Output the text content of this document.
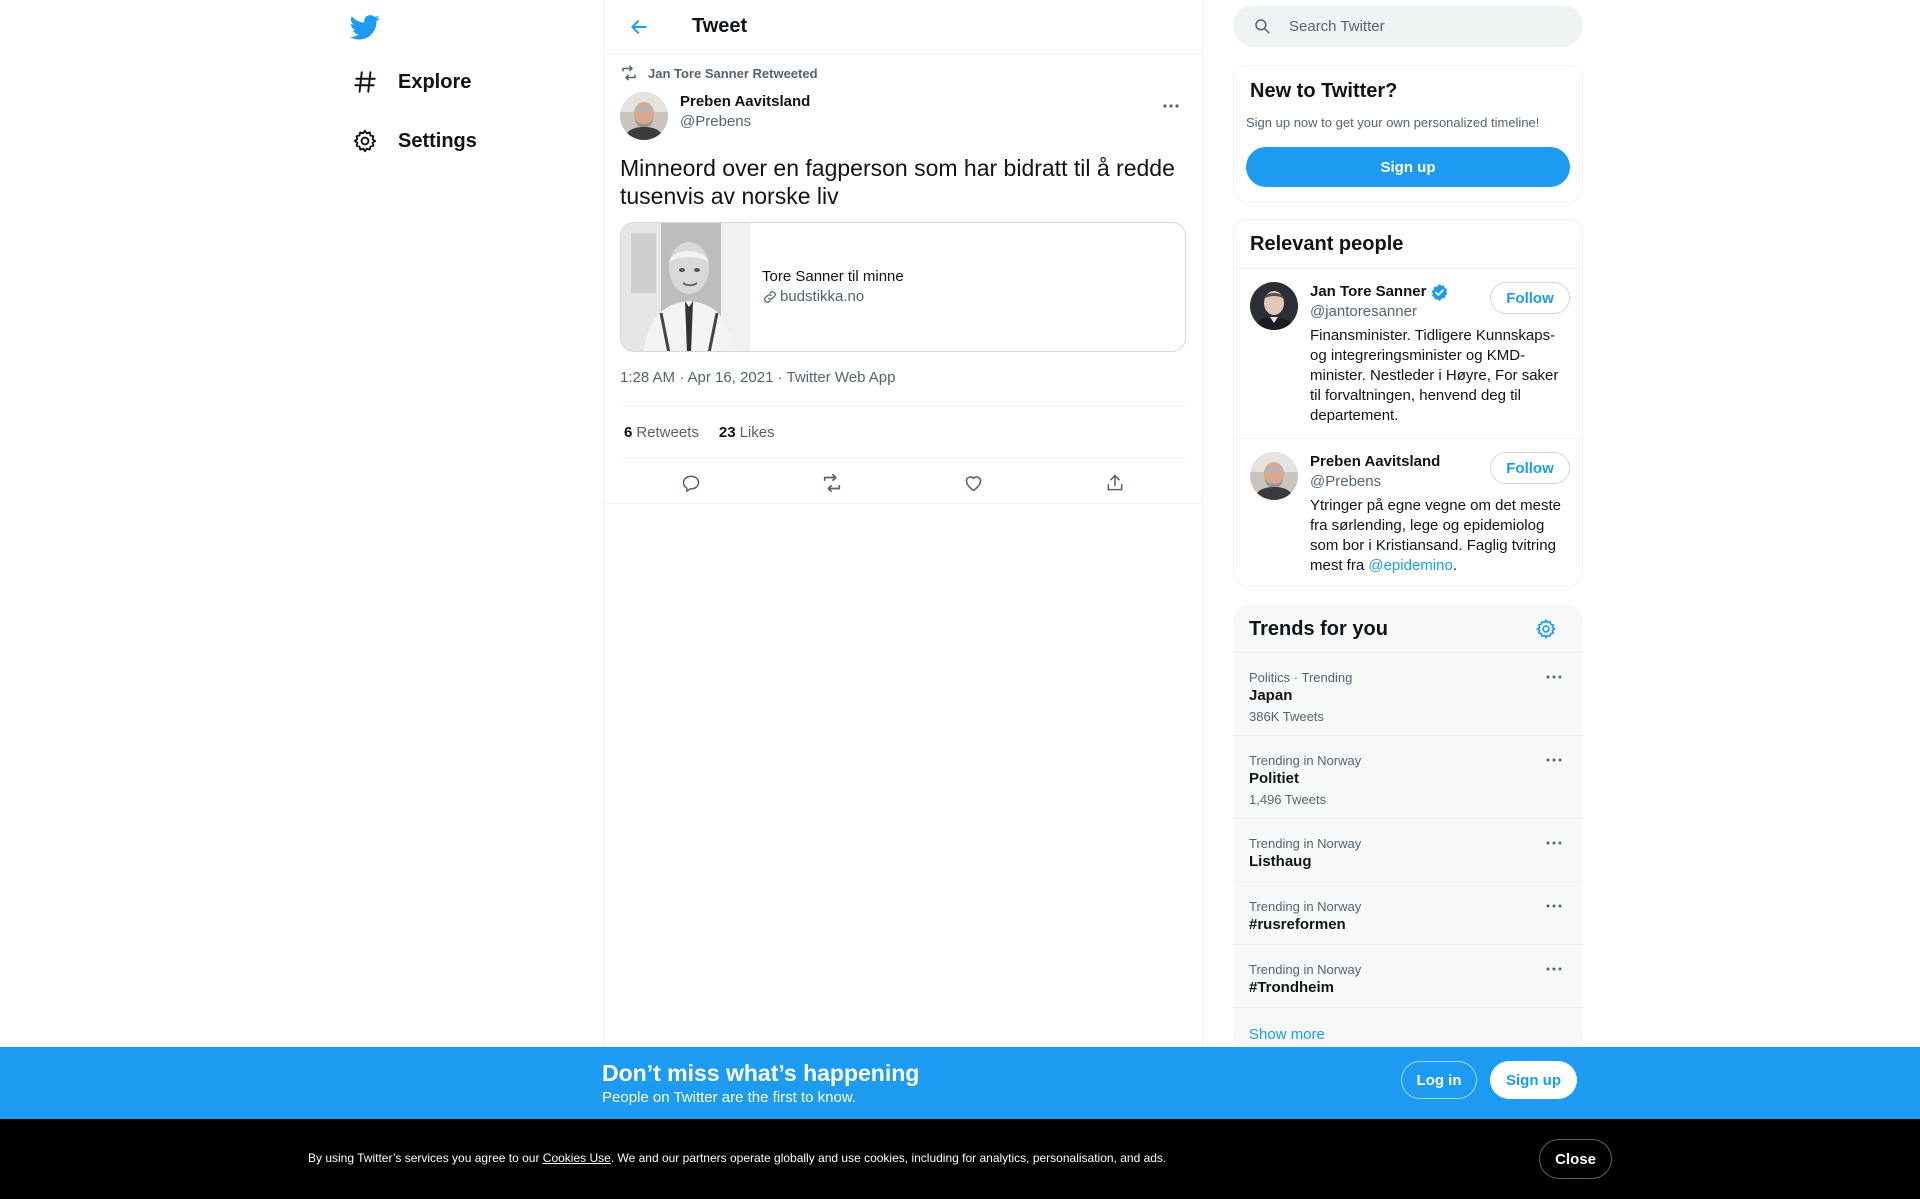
Explore
Settings
Tweet
Jan Tore Sanner Retweeted
Preben Aavitsland
@Prebens
Minneord over en fagperson som har bidratt til å redde tusenvis av norske liv
Tore Sanner til minne
budstikka.no
1:28 AM · Apr 16, 2021 · Twitter Web App
6 Retweets 23 Likes
Search Twitter
New to Twitter?
Sign up now to get your own personalized timeline!
Sign up
Relevant people
Jan Tore Sanner
@jantoresanner
Finansminister. Tidligere Kunnskaps- og integreringsminister og KMD-minister. Nestleder i Høyre, For saker til forvaltningen, henvend deg til departement.
Follow
Preben Aavitsland
@Prebens
Ytringer på egne vegne om det meste fra sørlending, lege og epidemiolog som bor i Kristiansand. Faglig tvitring mest fra @epidemino.
Follow
Trends for you
Politics · Trending
Japan
386K Tweets
Trending in Norway
Politiet
1,496 Tweets
Trending in Norway
Listhaug
Trending in Norway
#rusreformen
Trending in Norway
#Trondheim
Show more
Don’t miss what’s happening
People on Twitter are the first to know.
Log in	Sign up
By using Twitter’s services you agree to our Cookies Use. We and our partners operate globally and use cookies, including for analytics, personalisation, and ads.	Close
